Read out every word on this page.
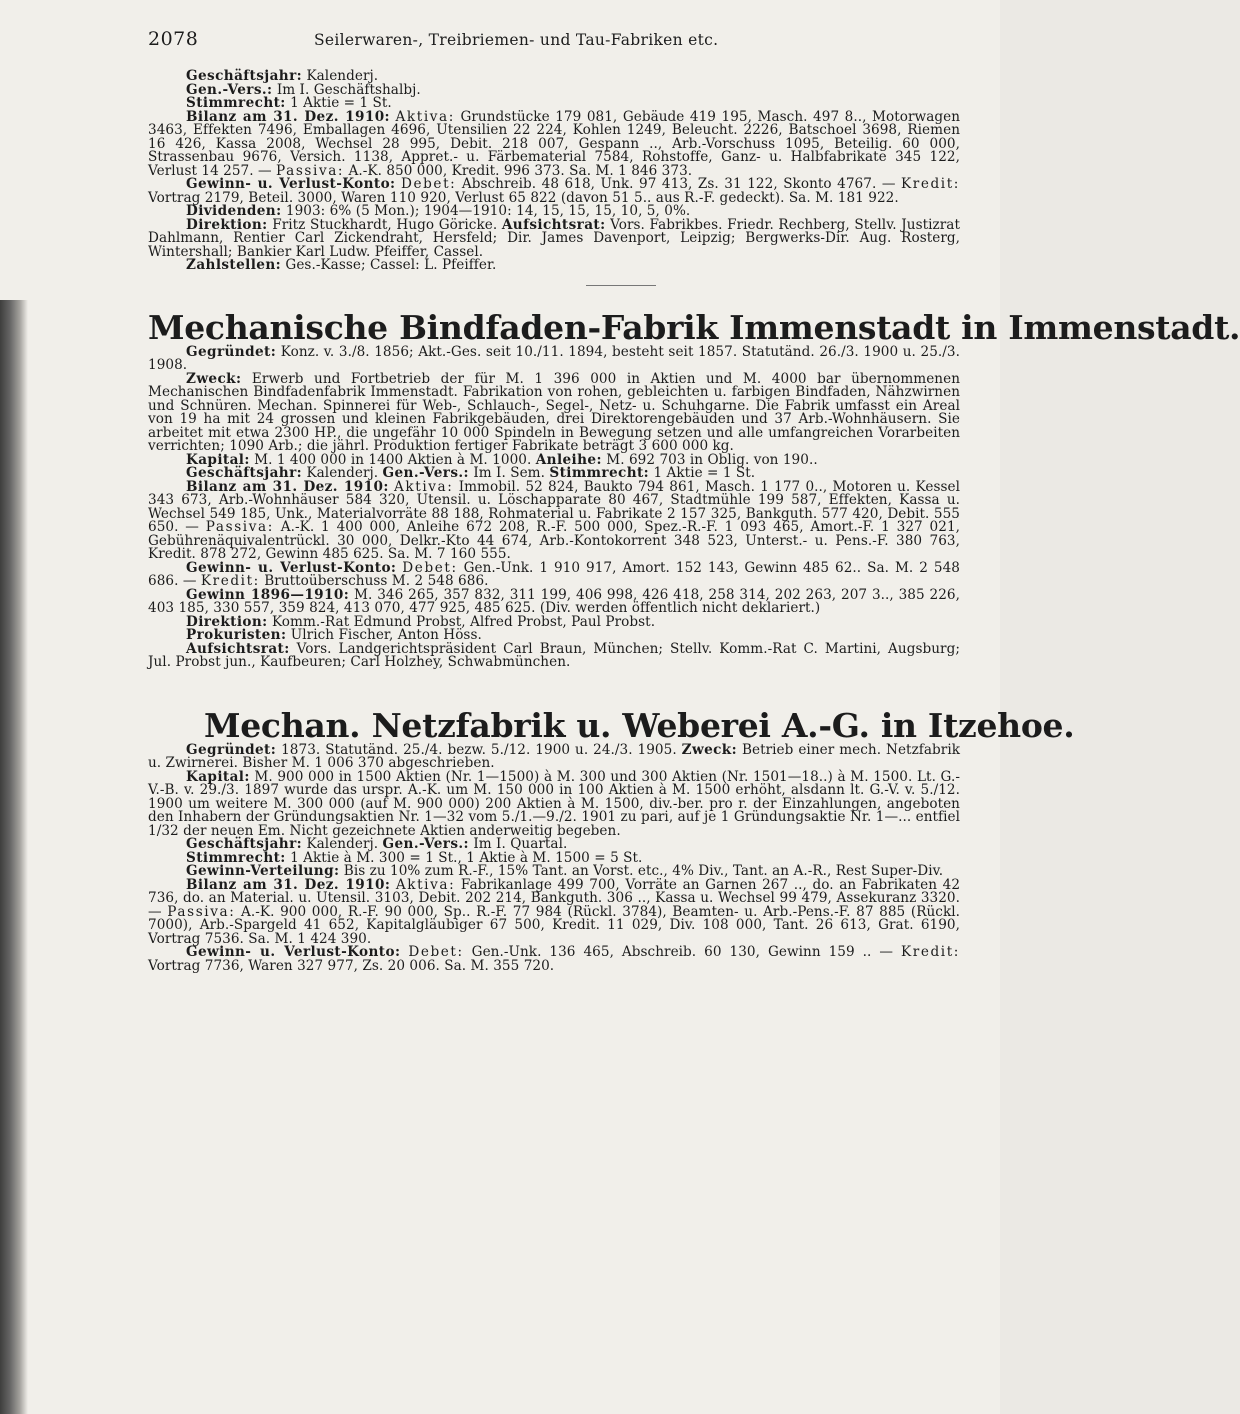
2078	Seilerwaren-, Treibriemen- und Tau-Fabriken etc.

Geschäftsjahr: Kalenderj.

Gen.-Vers.: Im I. Geschäftshalbj.

Stimmrecht: 1 Aktie = 1 St.

Bilanz am 31. Dez. 1910: Aktiva: Grundstücke 179 081, Gebäude 419 195, Masch. 497 8.., Motorwagen 3463, Effekten 7496, Emballagen 4696, Utensilien 22 224, Kohlen 1249, Beleucht. 2226, Batschoel 3698, Riemen 16 426, Kassa 2008, Wechsel 28 995, Debit. 218 007, Gespann .., Arb.-Vorschuss 1095, Beteilig. 60 000, Strassenbau 9676, Versich. 1138, Appret.- u. Färbematerial 7584, Rohstoffe, Ganz- u. Halbfabrikate 345 122, Verlust 14 257. — Passiva: A.-K. 850 000, Kredit. 996 373. Sa. M. 1 846 373.

Gewinn- u. Verlust-Konto: Debet: Abschreib. 48 618, Unk. 97 413, Zs. 31 122, Skonto 4767. — Kredit: Vortrag 2179, Beteil. 3000, Waren 110 920, Verlust 65 822 (davon 51 5.. aus R.-F. gedeckt). Sa. M. 181 922.

Dividenden: 1903: 6% (5 Mon.); 1904—1910: 14, 15, 15, 15, 10, 5, 0%.

Direktion: Fritz Stuckhardt, Hugo Göricke. Aufsichtsrat: Vors. Fabrikbes. Friedr. Rechberg, Stellv. Justizrat Dahlmann, Rentier Carl Zickendraht, Hersfeld; Dir. James Davenport, Leipzig; Bergwerks-Dir. Aug. Rosterg, Wintershall; Bankier Karl Ludw. Pfeiffer, Cassel.

Zahlstellen: Ges.-Kasse; Cassel: L. Pfeiffer.

Mechanische Bindfaden-Fabrik Immenstadt in Immenstadt.

Gegründet: Konz. v. 3./8. 1856; Akt.-Ges. seit 10./11. 1894, besteht seit 1857. Statutänd. 26./3. 1900 u. 25./3. 1908.

Zweck: Erwerb und Fortbetrieb der für M. 1 396 000 in Aktien und M. 4000 bar übernommenen Mechanischen Bindfadenfabrik Immenstadt. Fabrikation von rohen, gebleichten u. farbigen Bindfaden, Nähzwirnen und Schnüren. Mechan. Spinnerei für Web-, Schlauch-, Segel-, Netz- u. Schuhgarne. Die Fabrik umfasst ein Areal von 19 ha mit 24 grossen und kleinen Fabrikgebäuden, drei Direktorengebäuden und 37 Arb.-Wohnhäusern. Sie arbeitet mit etwa 2300 HP., die ungefähr 10 000 Spindeln in Bewegung setzen und alle umfangreichen Vorarbeiten verrichten; 1090 Arb.; die jährl. Produktion fertiger Fabrikate beträgt 3 600 000 kg.

Kapital: M. 1 400 000 in 1400 Aktien à M. 1000. Anleihe: M. 692 703 in Oblig. von 190..

Geschäftsjahr: Kalenderj. Gen.-Vers.: Im I. Sem. Stimmrecht: 1 Aktie = 1 St.

Bilanz am 31. Dez. 1910: Aktiva: Immobil. 52 824, Baukto 794 861, Masch. 1 177 0.., Motoren u. Kessel 343 673, Arb.-Wohnhäuser 584 320, Utensil. u. Löschapparate 80 467, Stadtmühle 199 587, Effekten, Kassa u. Wechsel 549 185, Unk., Materialvorräte 88 188, Rohmaterial u. Fabrikate 2 157 325, Bankguth. 577 420, Debit. 555 650. — Passiva: A.-K. 1 400 000, Anleihe 672 208, R.-F. 500 000, Spez.-R.-F. 1 093 465, Amort.-F. 1 327 021, Gebührenäquivalentrückl. 30 000, Delkr.-Kto 44 674, Arb.-Kontokorrent 348 523, Unterst.- u. Pens.-F. 380 763, Kredit. 878 272, Gewinn 485 625. Sa. M. 7 160 555.

Gewinn- u. Verlust-Konto: Debet: Gen.-Unk. 1 910 917, Amort. 152 143, Gewinn 485 62.. Sa. M. 2 548 686. — Kredit: Bruttoüberschuss M. 2 548 686.

Gewinn 1896—1910: M. 346 265, 357 832, 311 199, 406 998, 426 418, 258 314, 202 263, 207 3.., 385 226, 403 185, 330 557, 359 824, 413 070, 477 925, 485 625. (Div. werden öffentlich nicht deklariert.)

Direktion: Komm.-Rat Edmund Probst, Alfred Probst, Paul Probst.

Prokuristen: Ulrich Fischer, Anton Höss.

Aufsichtsrat: Vors. Landgerichtspräsident Carl Braun, München; Stellv. Komm.-Rat C. Martini, Augsburg; Jul. Probst jun., Kaufbeuren; Carl Holzhey, Schwabmünchen.

Mechan. Netzfabrik u. Weberei A.-G. in Itzehoe.

Gegründet: 1873. Statutänd. 25./4. bezw. 5./12. 1900 u. 24./3. 1905. Zweck: Betrieb einer mech. Netzfabrik u. Zwirnerei. Bisher M. 1 006 370 abgeschrieben.

Kapital: M. 900 000 in 1500 Aktien (Nr. 1—1500) à M. 300 und 300 Aktien (Nr. 1501—18..) à M. 1500. Lt. G.-V.-B. v. 29./3. 1897 wurde das urspr. A.-K. um M. 150 000 in 100 Aktien à M. 1500 erhöht, alsdann lt. G.-V. v. 5./12. 1900 um weitere M. 300 000 (auf M. 900 000) 200 Aktien à M. 1500, div.-ber. pro r. der Einzahlungen, angeboten den Inhabern der Gründungsaktien Nr. 1—32 vom 5./1.—9./2. 1901 zu pari, auf je 1 Gründungsaktie Nr. 1—... entfiel 1/32 der neuen Em. Nicht gezeichnete Aktien anderweitig begeben.

Geschäftsjahr: Kalenderj. Gen.-Vers.: Im I. Quartal.

Stimmrecht: 1 Aktie à M. 300 = 1 St., 1 Aktie à M. 1500 = 5 St.

Gewinn-Verteilung: Bis zu 10% zum R.-F., 15% Tant. an Vorst. etc., 4% Div., Tant. an A.-R., Rest Super-Div.

Bilanz am 31. Dez. 1910: Aktiva: Fabrikanlage 499 700, Vorräte an Garnen 267 .., do. an Fabrikaten 42 736, do. an Material. u. Utensil. 3103, Debit. 202 214, Bankguth. 306 .., Kassa u. Wechsel 99 479, Assekuranz 3320. — Passiva: A.-K. 900 000, R.-F. 90 000, Sp.. R.-F. 77 984 (Rückl. 3784), Beamten- u. Arb.-Pens.-F. 87 885 (Rückl. 7000), Arb.-Spargeld 41 652, Kapitalgläubiger 67 500, Kredit. 11 029, Div. 108 000, Tant. 26 613, Grat. 6190, Vortrag 7536. Sa. M. 1 424 390.

Gewinn- u. Verlust-Konto: Debet: Gen.-Unk. 136 465, Abschreib. 60 130, Gewinn 159 .. — Kredit: Vortrag 7736, Waren 327 977, Zs. 20 006. Sa. M. 355 720.
